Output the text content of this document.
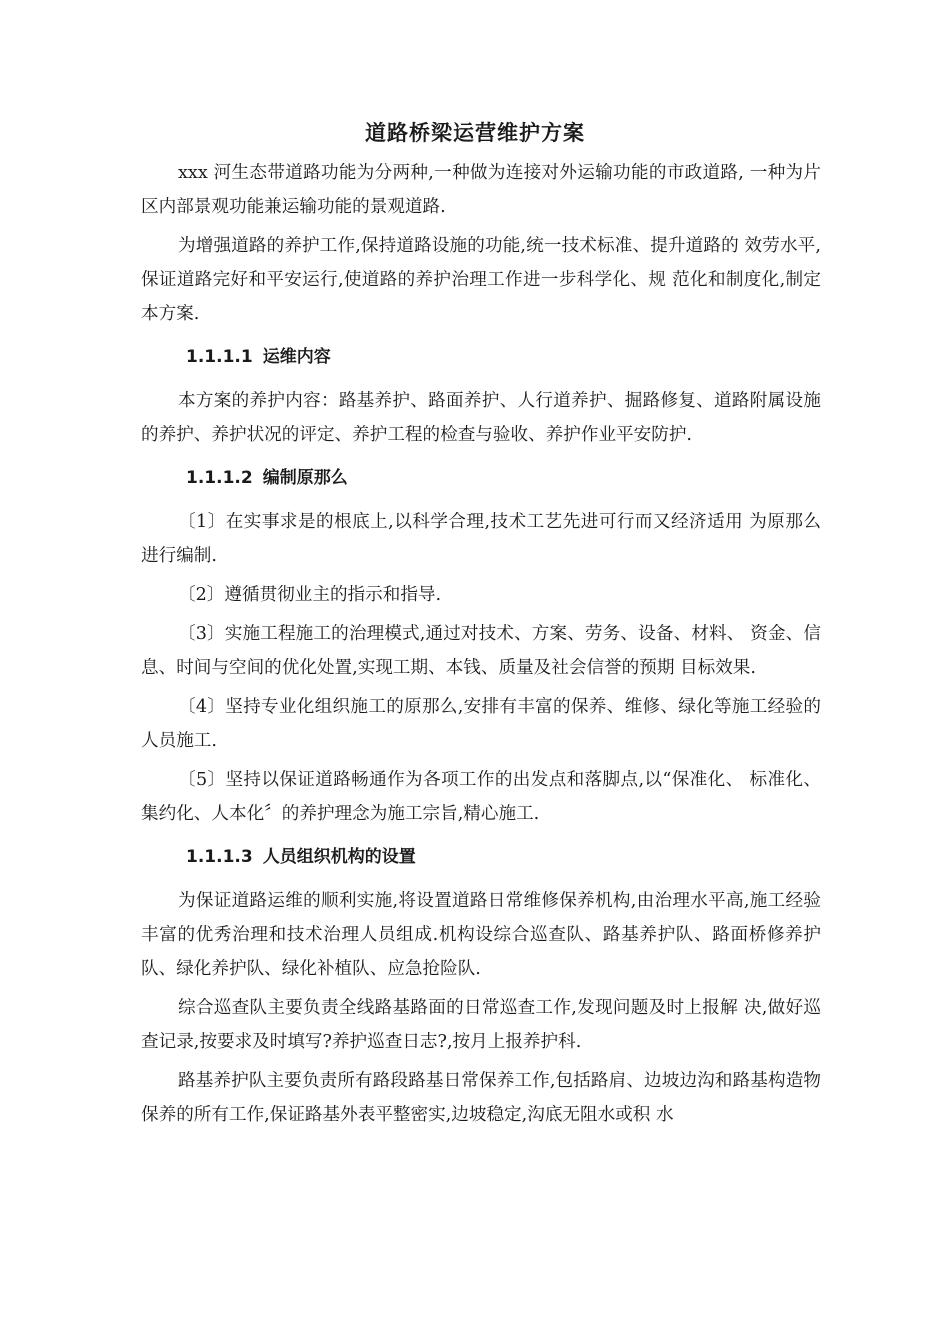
道路桥梁运营维护方案

xxx 河生态带道路功能为分两种,一种做为连接对外运输功能的市政道路, 一种为片区内部景观功能兼运输功能的景观道路.

为增强道路的养护工作,保持道路设施的功能,统一技术标准、提升道路的 效劳水平,保证道路完好和平安运行,使道路的养护治理工作进一步科学化、规 范化和制度化,制定本方案.

1.1.1.1 运维内容

本方案的养护内容：路基养护、路面养护、人行道养护、掘路修复、道路附属设施的养护、养护状况的评定、养护工程的检查与验收、养护作业平安防护.

1.1.1.2 编制原那么

〔1〕在实事求是的根底上,以科学合理,技术工艺先进可行而又经济适用 为原那么进行编制.

〔2〕遵循贯彻业主的指示和指导.

〔3〕实施工程施工的治理模式,通过对技术、方案、劳务、设备、材料、 资金、信息、时间与空间的优化处置,实现工期、本钱、质量及社会信誉的预期 目标效果.

〔4〕坚持专业化组织施工的原那么,安排有丰富的保养、维修、绿化等施工经验的人员施工.

〔5〕坚持以保证道路畅通作为各项工作的出发点和落脚点,以“保准化、 标准化、集约化、人本化〞的养护理念为施工宗旨,精心施工.

1.1.1.3 人员组织机构的设置

为保证道路运维的顺利实施,将设置道路日常维修保养机构,由治理水平高,施工经验丰富的优秀治理和技术治理人员组成.机构设综合巡查队、路基养护队、路面桥修养护队、绿化养护队、绿化补植队、应急抢险队.

综合巡查队主要负责全线路基路面的日常巡查工作,发现问题及时上报解 决,做好巡查记录,按要求及时填写?养护巡查日志?,按月上报养护科.

路基养护队主要负责所有路段路基日常保养工作,包括路肩、边坡边沟和路基构造物保养的所有工作,保证路基外表平整密实,边坡稳定,沟底无阻水或积 水
